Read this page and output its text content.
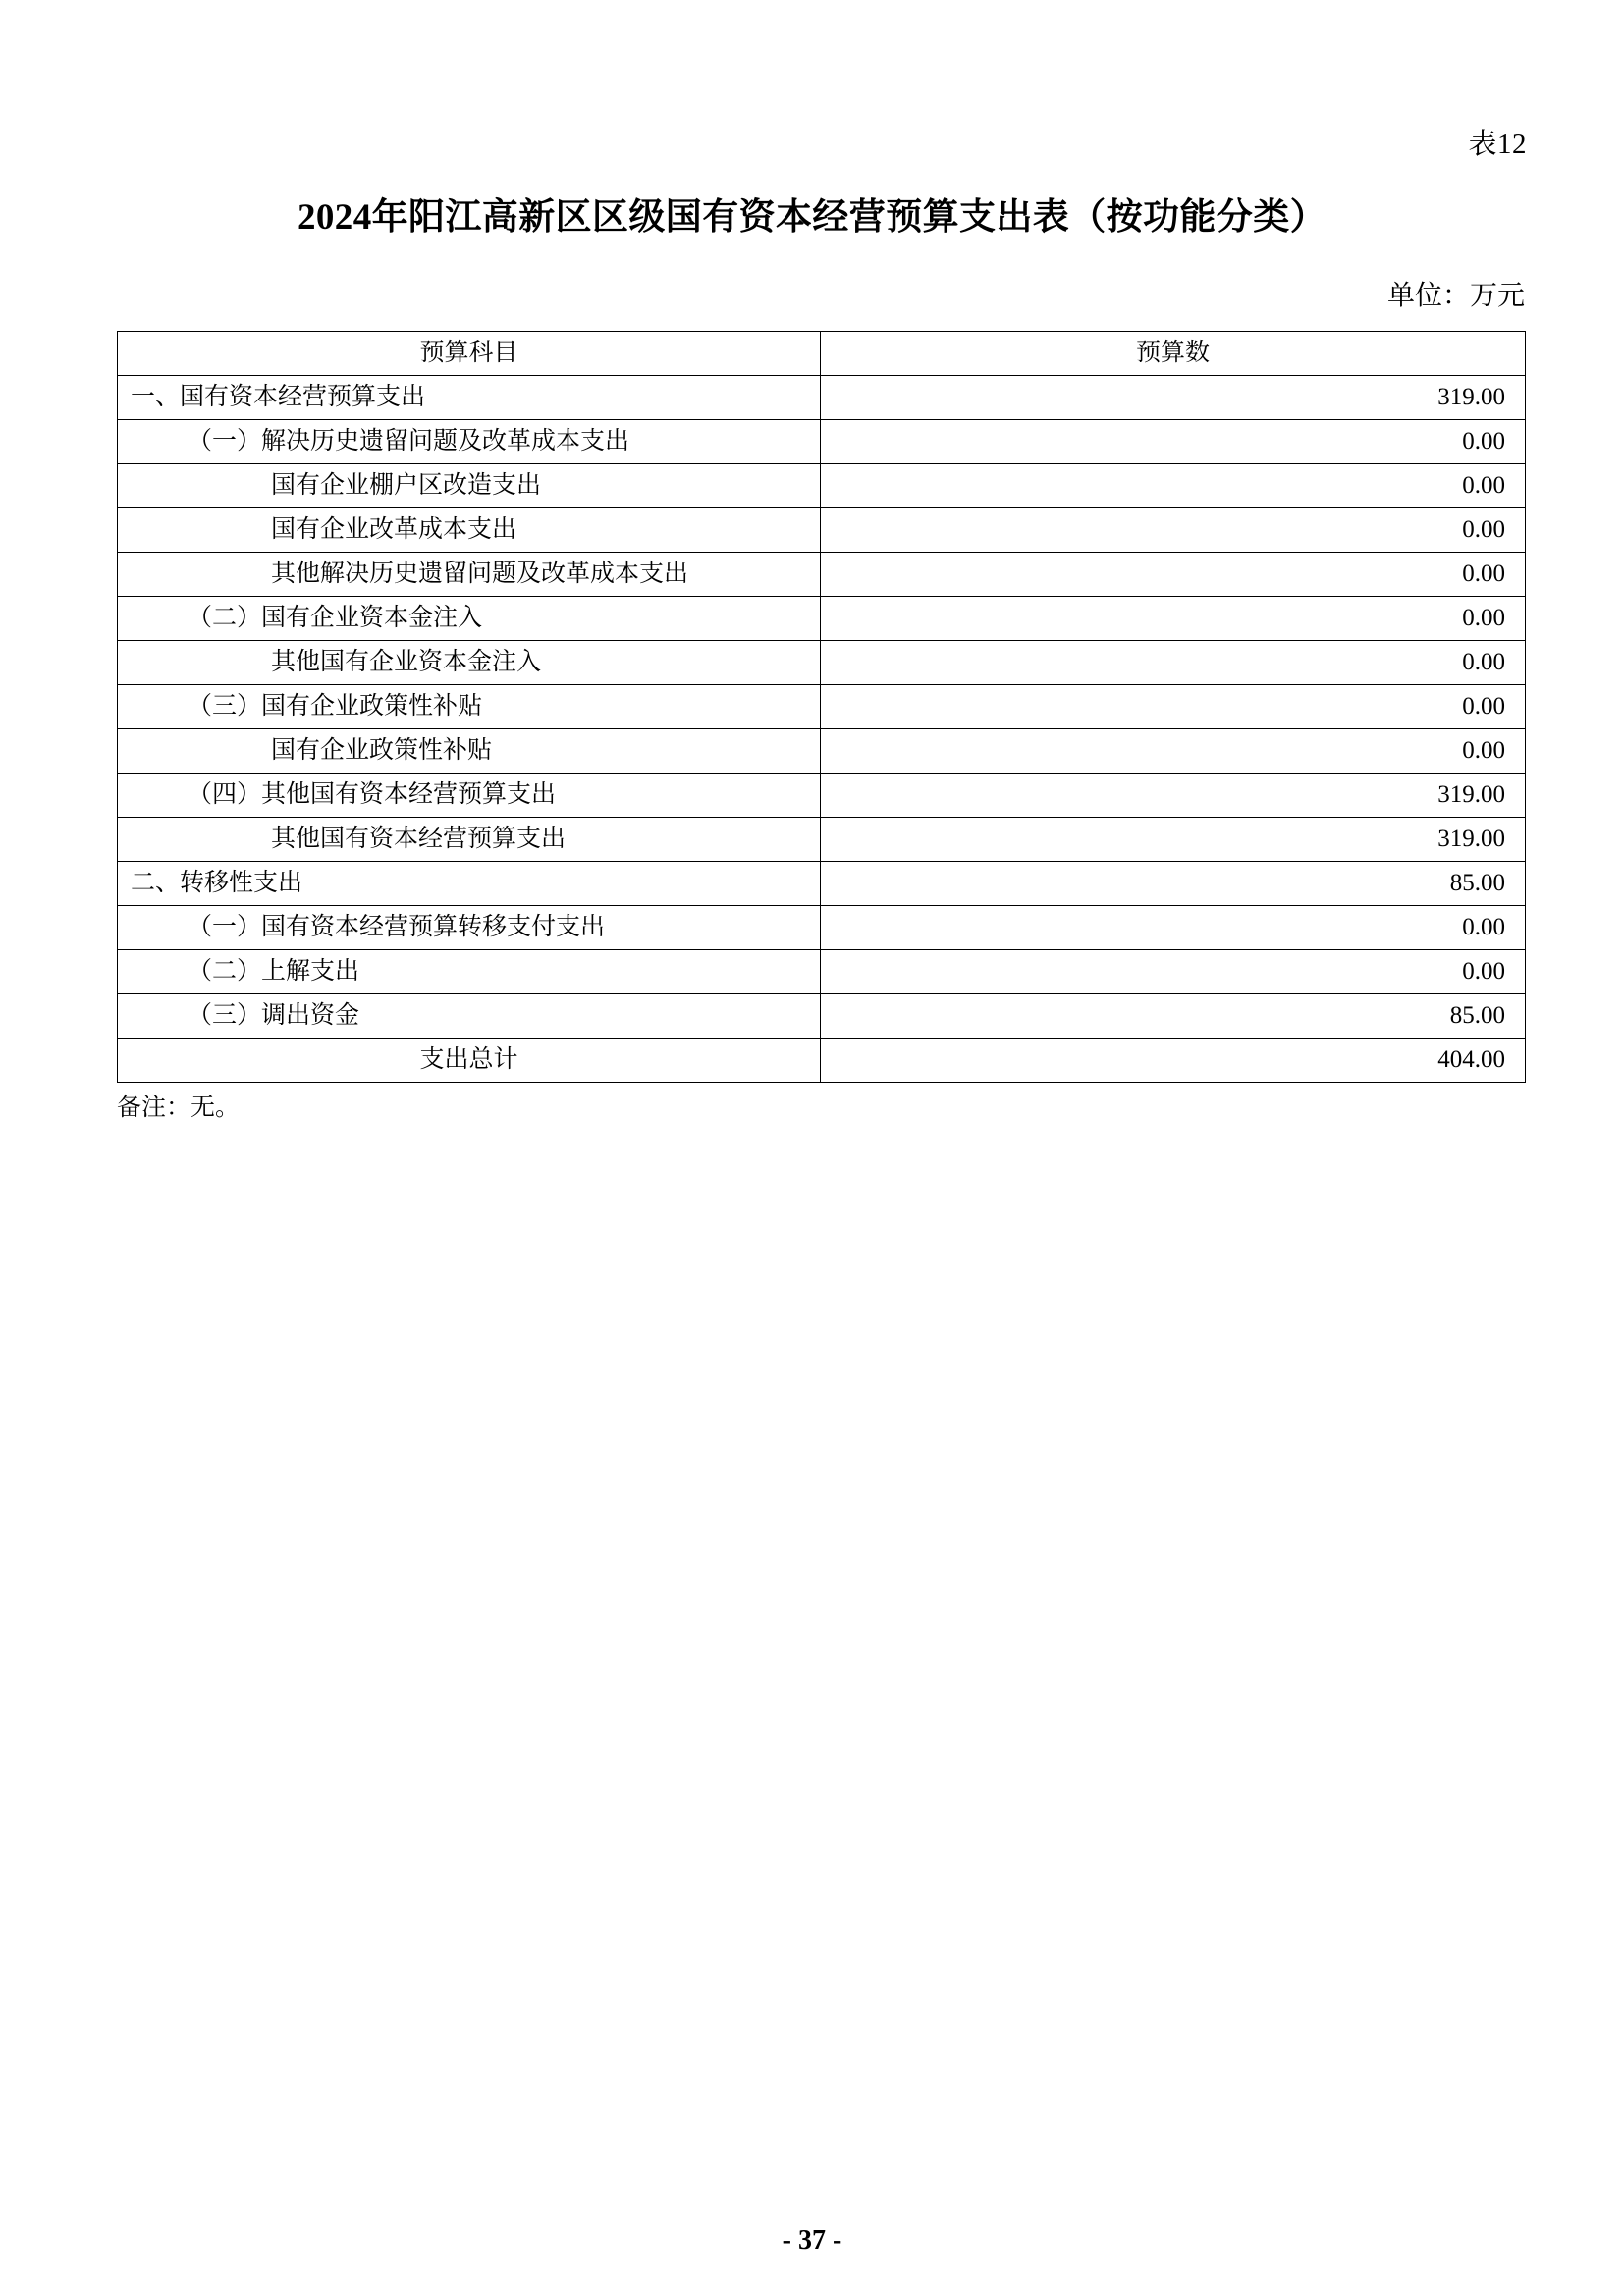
表12
2024年阳江高新区区级国有资本经营预算支出表（按功能分类）
单位：万元
预算科目	预算数
一、国有资本经营预算支出	319.00
（一）解决历史遗留问题及改革成本支出	0.00
国有企业棚户区改造支出	0.00
国有企业改革成本支出	0.00
其他解决历史遗留问题及改革成本支出	0.00
（二）国有企业资本金注入	0.00
其他国有企业资本金注入	0.00
（三）国有企业政策性补贴	0.00
国有企业政策性补贴	0.00
（四）其他国有资本经营预算支出	319.00
其他国有资本经营预算支出	319.00
二、转移性支出	85.00
（一）国有资本经营预算转移支付支出	0.00
（二）上解支出	0.00
（三）调出资金	85.00
支出总计	404.00
备注：无。
- 37 -
